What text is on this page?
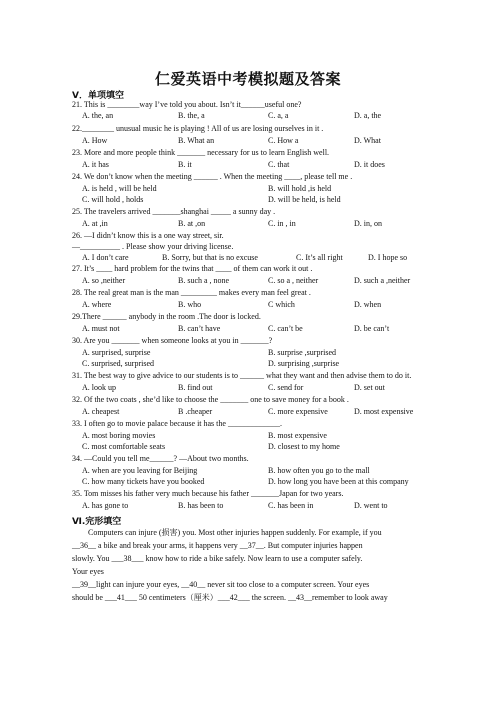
仁爱英语中考模拟题及答案
V．单项填空
21. This is ________way I’ve told you about. Isn’t it______useful one?
A. the, an	B. the, a	C. a, a	D. a, the
22.________ unusual music he is playing ! All of us are losing ourselves in it .
A. How	B. What an	C. How a	D. What
23. More and more people think _______ necessary for us to learn English well.
A. it has	B. it	C. that	D. it does
24. We don’t know when the meeting ______ . When the meeting ____, please tell me .
A. is held , will be held	B. will hold ,is held
C. will hold , holds	D. will be held, is held
25. The travelers arrived _______shanghai _____ a sunny day .
A. at ,in	B. at ,on	C. in , in	D. in, on
26. —I didn’t know this is a one way street, sir.
—__________ . Please show your driving license.
A. I don’t care	B. Sorry, but that is no excuse	C. It’s all right	D. I hope so
27. It’s ____ hard problem for the twins that ____ of them can work it out .
A. so ,neither	B. such a , none	C. so a , neither	D. such a ,neither
28. The real great man is the man _________ makes every man feel great .
A. where	B. who	C which	D. when
29.There ______ anybody in the room .The door is locked.
A. must not	B. can’t have	C. can’t be	D. be can’t
30. Are you _______ when someone looks at you in _______?
A. surprised, surprise	B. surprise ,surprised
C. surprised, surprised	D. surprising ,surprise
31. The best way to give advice to our students is to ______ what they want and then advise them to do it.
A. look up	B. find out	C. send for	D. set out
32. Of the two coats , she’d like to choose the _______ one to save money for a book .
A. cheapest	B .cheaper	C. more expensive	D. most expensive
33. I often go to movie palace because it has the _____________.
A. most boring movies	B. most expensive
C. most comfortable seats	D. closest to my home
34. —Could you tell me______? —About two months.
A. when are you leaving for Beijing	B. how often you go to the mall
C. how many tickets have you booked	D. how long you have been at this company
35. Tom misses his father very much because his father _______Japan for two years.
A. has gone to	B. has been to	C. has been in	D. went to
Ⅵ.完形填空
Computers can injure (损害) you. Most other injuries happen suddenly. For example, if you
__36__ a bike and break your arms, it happens very __37__. But computer injuries happen
slowly. You ___38___ know how to ride a bike safely. Now learn to use a computer safely.
Your eyes
__39__light can injure your eyes, __40__ never sit too close to a computer screen. Your eyes
should be ___41___ 50 centimeters（厘米）___42___ the screen. __43__remember to look away
